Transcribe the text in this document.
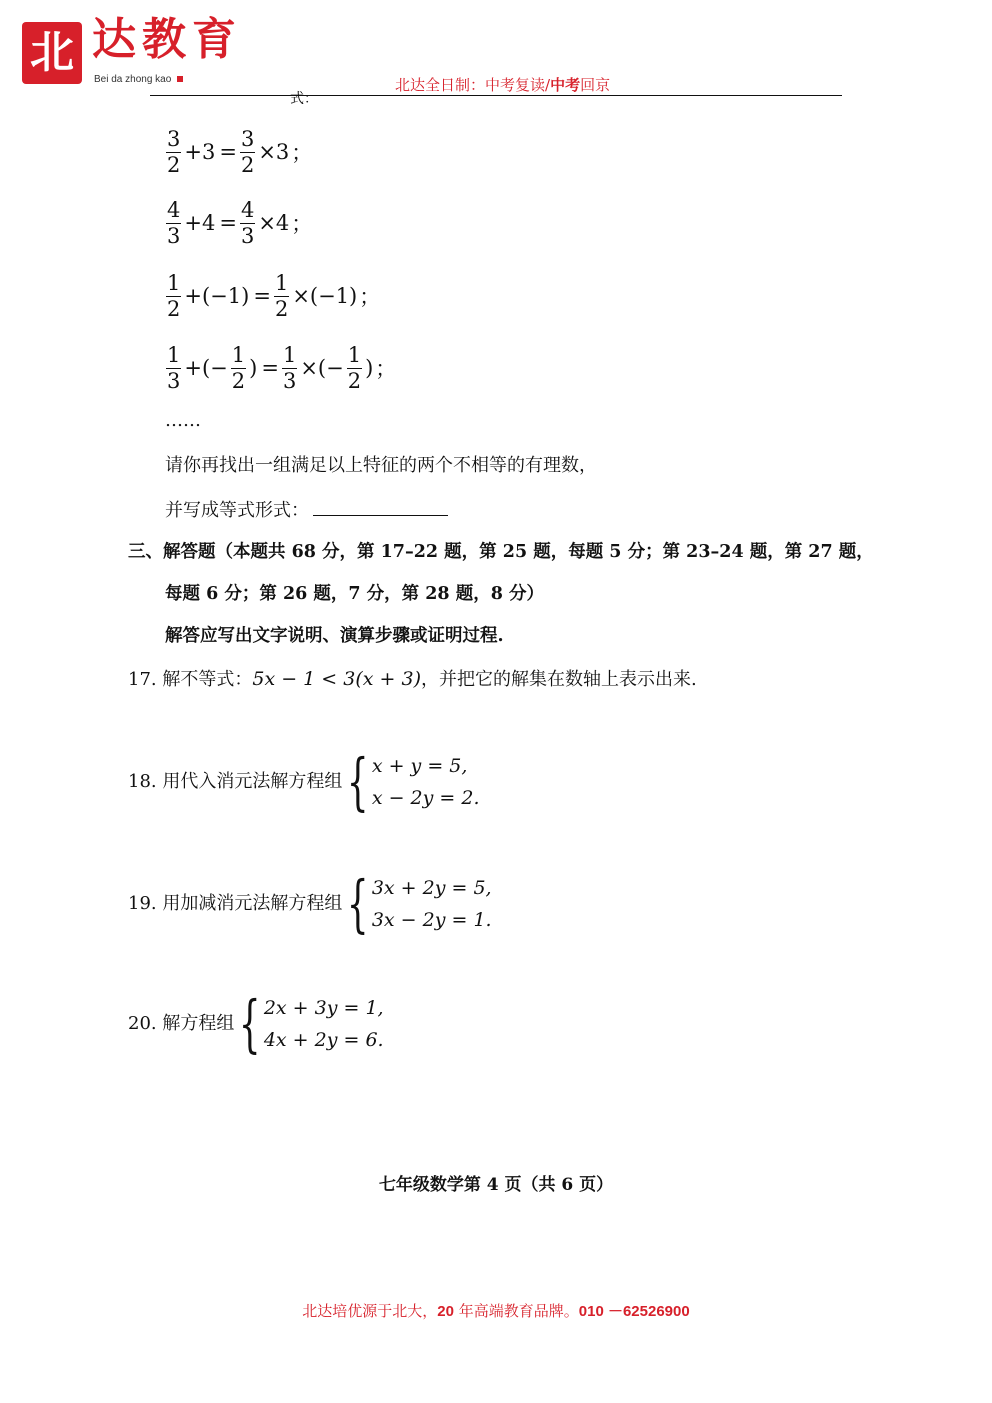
北 达教育
Bei da zhong kao	北达全日制：中考复读/中考回京
式：
$\frac{3}{2} +3 = \frac{3}{2} \times 3$ ；
$\frac{4}{3} +4 = \frac{4}{3} \times 4$ ；
$\frac{1}{2} +(-1) = \frac{1}{2} \times(-1)$ ；
$\frac{1}{3}$ +(− $\frac{1}{2}$ ) = $\frac{1}{3}$ ×(− $\frac{1}{2}$ ) ；
……
请你再找出一组满足以上特征的两个不相等的有理数，
并写成等式形式：
三、解答题（本题共 68 分，第 17–22 题，第 25 题，每题 5 分；第 23–24 题，第 27 题，
每题 6 分；第 26 题，7 分，第 28 题，8 分）
解答应写出文字说明、演算步骤或证明过程.
17. 解不等式：5x − 1 < 3(x + 3)，并把它的解集在数轴上表示出来.
18.
用代入消元法解方程组 { x + y = 5,
x − 2y = 2.
19.
用加减消元法解方程组 { 3x + 2y = 5,
3x − 2y = 1.
20.
解方程组 { 2x + 3y = 1,
4x + 2y = 6.
七年级数学第 4 页（共 6 页）
北达培优源于北大，20 年高端教育品牌。010 －62526900
